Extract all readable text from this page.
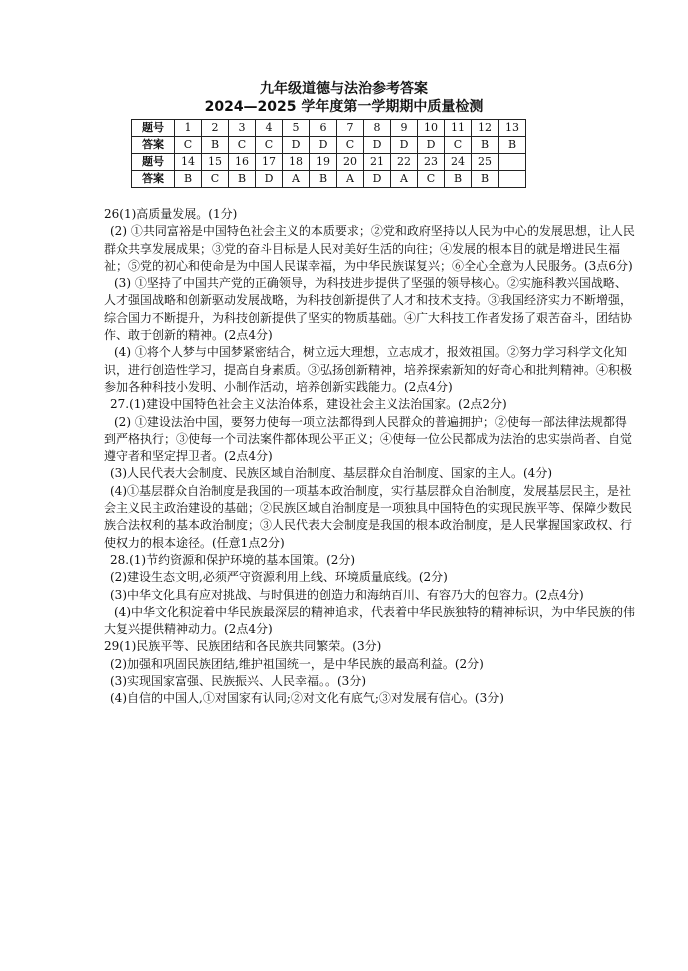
九年级道德与法治参考答案
2024—2025 学年度第一学期期中质量检测
题号	1	2	3	4	5	6	7	8	9	10	11	12	13
答案	C	B	C	C	D	D	C	D	D	D	C	B	B
题号	14	15	16	17	18	19	20	21	22	23	24	25	
答案	B	C	B	D	A	B	A	D	A	C	B	B	

26(1)高质量发展。(1分)

(2) ①共同富裕是中国特色社会主义的本质要求；②党和政府坚持以人民为中心的发展思想，让人民群众共享发展成果；③党的奋斗目标是人民对美好生活的向往；④发展的根本目的就是增进民生福祉；⑤党的初心和使命是为中国人民谋幸福，为中华民族谋复兴；⑥全心全意为人民服务。(3点6分)

(3) ①坚持了中国共产党的正确领导，为科技进步提供了坚强的领导核心。②实施科教兴国战略、人才强国战略和创新驱动发展战略，为科技创新提供了人才和技术支持。③我国经济实力不断增强，综合国力不断提升，为科技创新提供了坚实的物质基础。④广大科技工作者发扬了艰苦奋斗，团结协作、敢于创新的精神。(2点4分)

(4) ①将个人梦与中国梦紧密结合，树立远大理想，立志成才，报效祖国。②努力学习科学文化知识，进行创造性学习，提高自身素质。③弘扬创新精神，培养探索新知的好奇心和批判精神。④积极参加各种科技小发明、小制作活动，培养创新实践能力。(2点4分)

27.(1)建设中国特色社会主义法治体系，建设社会主义法治国家。(2点2分)

(2) ①建设法治中国，要努力使每一项立法都得到人民群众的普遍拥护；②使每一部法律法规都得到严格执行；③使每一个司法案件都体现公平正义；④使每一位公民都成为法治的忠实崇尚者、自觉遵守者和坚定捍卫者。(2点4分)

(3)人民代表大会制度、民族区域自治制度、基层群众自治制度、国家的主人。(4分)

(4)①基层群众自治制度是我国的一项基本政治制度，实行基层群众自治制度，发展基层民主，是社会主义民主政治建设的基础；②民族区域自治制度是一项独具中国特色的实现民族平等、保障少数民族合法权利的基本政治制度；③人民代表大会制度是我国的根本政治制度，是人民掌握国家政权、行使权力的根本途径。(任意1点2分)

28.(1)节约资源和保护环境的基本国策。(2分)

(2)建设生态文明,必须严守资源利用上线、环境质量底线。(2分)

(3)中华文化具有应对挑战、与时俱进的创造力和海纳百川、有容乃大的包容力。(2点4分)

(4)中华文化积淀着中华民族最深层的精神追求，代表着中华民族独特的精神标识，为中华民族的伟大复兴提供精神动力。(2点4分)

29(1)民族平等、民族团结和各民族共同繁荣。(3分)

(2)加强和巩固民族团结,维护祖国统一，是中华民族的最高利益。(2分)

(3)实现国家富强、民族振兴、人民幸福。。(3分)

(4)自信的中国人,①对国家有认同;②对文化有底气;③对发展有信心。(3分)
